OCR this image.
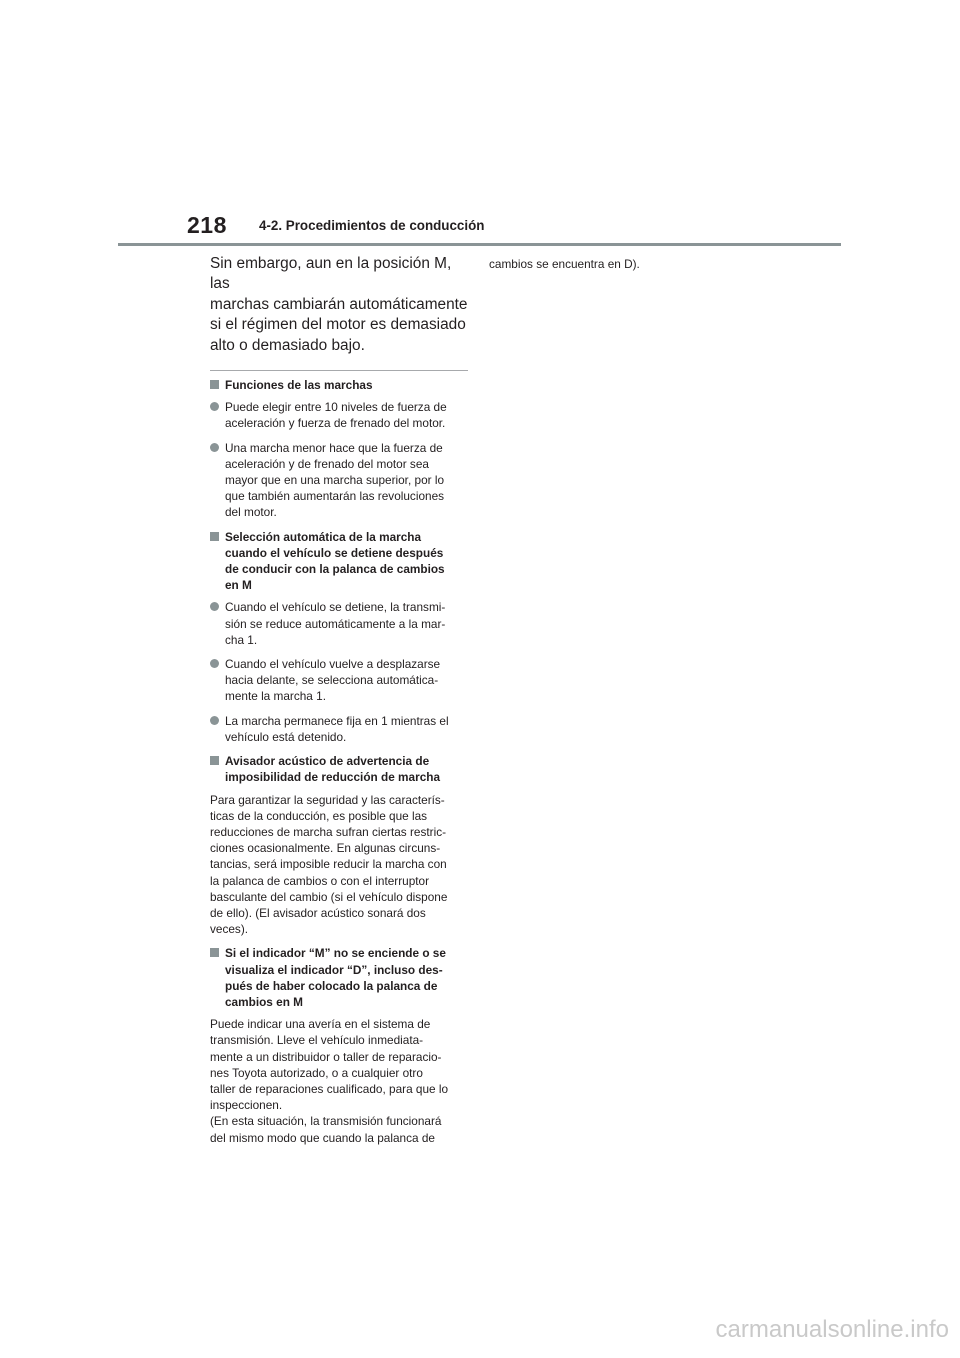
218 4-2. Procedimientos de conducción

Sin embargo, aun en la posición M, las
marchas cambiarán automáticamente
si el régimen del motor es demasiado
alto o demasiado bajo.

Funciones de las marchas
Puede elegir entre 10 niveles de fuerza de
aceleración y fuerza de frenado del motor.
Una marcha menor hace que la fuerza de
aceleración y de frenado del motor sea
mayor que en una marcha superior, por lo
que también aumentarán las revoluciones
del motor.
Selección automática de la marcha
cuando el vehículo se detiene después
de conducir con la palanca de cambios
en M
Cuando el vehículo se detiene, la transmi-
sión se reduce automáticamente a la mar-
cha 1.
Cuando el vehículo vuelve a desplazarse
hacia delante, se selecciona automática-
mente la marcha 1.
La marcha permanece fija en 1 mientras el
vehículo está detenido.
Avisador acústico de advertencia de
imposibilidad de reducción de marcha

Para garantizar la seguridad y las caracterís-
ticas de la conducción, es posible que las
reducciones de marcha sufran ciertas restric-
ciones ocasionalmente. En algunas circuns-
tancias, será imposible reducir la marcha con
la palanca de cambios o con el interruptor
basculante del cambio (si el vehículo dispone
de ello). (El avisador acústico sonará dos
veces).

Si el indicador “M” no se enciende o se
visualiza el indicador “D”, incluso des-
pués de haber colocado la palanca de
cambios en M

Puede indicar una avería en el sistema de
transmisión. Lleve el vehículo inmediata-
mente a un distribuidor o taller de reparacio-
nes Toyota autorizado, o a cualquier otro
taller de reparaciones cualificado, para que lo
inspeccionen.
(En esta situación, la transmisión funcionará
del mismo modo que cuando la palanca de

cambios se encuentra en D).

carmanualsonline.info
